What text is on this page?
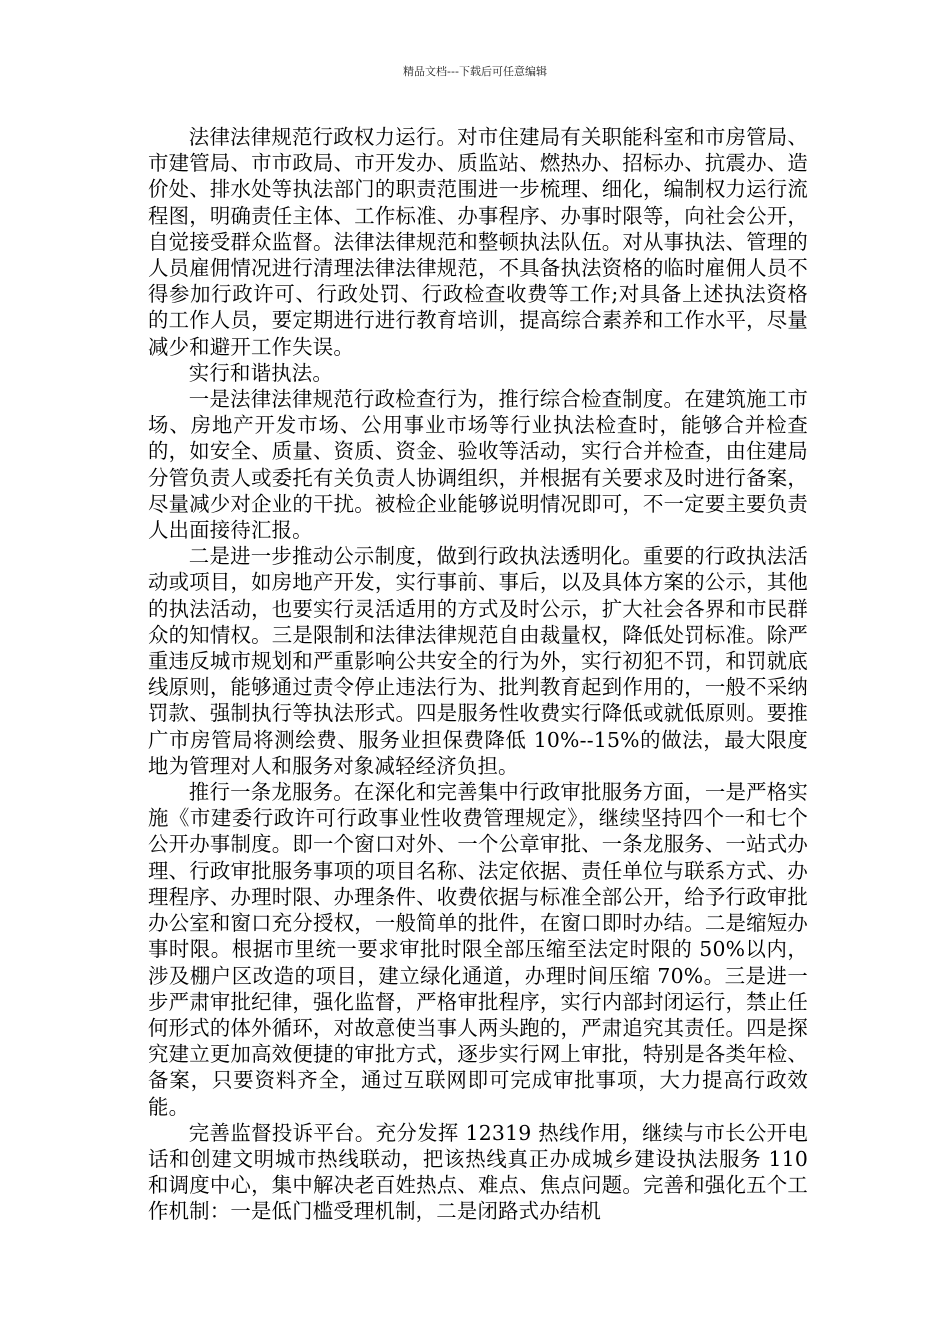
精品文档---下载后可任意编辑

法律法律规范行政权力运行。对市住建局有关职能科室和市房管局、市建管局、市市政局、市开发办、质监站、燃热办、招标办、抗震办、造价处、排水处等执法部门的职责范围进一步梳理、细化，编制权力运行流程图，明确责任主体、工作标准、办事程序、办事时限等，向社会公开，自觉接受群众监督。法律法律规范和整顿执法队伍。对从事执法、管理的人员雇佣情况进行清理法律法律规范，不具备执法资格的临时雇佣人员不得参加行政许可、行政处罚、行政检查收费等工作;对具备上述执法资格的工作人员，要定期进行进行教育培训，提高综合素养和工作水平，尽量减少和避开工作失误。

实行和谐执法。

一是法律法律规范行政检查行为，推行综合检查制度。在建筑施工市场、房地产开发市场、公用事业市场等行业执法检查时，能够合并检查的，如安全、质量、资质、资金、验收等活动，实行合并检查，由住建局分管负责人或委托有关负责人协调组织，并根据有关要求及时进行备案，尽量减少对企业的干扰。被检企业能够说明情况即可，不一定要主要负责人出面接待汇报。

二是进一步推动公示制度，做到行政执法透明化。重要的行政执法活动或项目，如房地产开发，实行事前、事后，以及具体方案的公示，其他的执法活动，也要实行灵活适用的方式及时公示，扩大社会各界和市民群众的知情权。三是限制和法律法律规范自由裁量权，降低处罚标准。除严重违反城市规划和严重影响公共安全的行为外，实行初犯不罚，和罚就底线原则，能够通过责令停止违法行为、批判教育起到作用的，一般不采纳罚款、强制执行等执法形式。四是服务性收费实行降低或就低原则。要推广市房管局将测绘费、服务业担保费降低 10%--15%的做法，最大限度地为管理对人和服务对象减轻经济负担。

推行一条龙服务。在深化和完善集中行政审批服务方面，一是严格实施《市建委行政许可行政事业性收费管理规定》，继续坚持四个一和七个公开办事制度。即一个窗口对外、一个公章审批、一条龙服务、一站式办理、行政审批服务事项的项目名称、法定依据、责任单位与联系方式、办理程序、办理时限、办理条件、收费依据与标准全部公开，给予行政审批办公室和窗口充分授权，一般简单的批件，在窗口即时办结。二是缩短办事时限。根据市里统一要求审批时限全部压缩至法定时限的 50%以内，涉及棚户区改造的项目，建立绿化通道，办理时间压缩 70%。三是进一步严肃审批纪律，强化监督，严格审批程序，实行内部封闭运行，禁止任何形式的体外循环，对故意使当事人两头跑的，严肃追究其责任。四是探究建立更加高效便捷的审批方式，逐步实行网上审批，特别是各类年检、备案，只要资料齐全，通过互联网即可完成审批事项，大力提高行政效能。

完善监督投诉平台。充分发挥 12319 热线作用，继续与市长公开电话和创建文明城市热线联动，把该热线真正办成城乡建设执法服务 110 和调度中心，集中解决老百姓热点、难点、焦点问题。完善和强化五个工作机制：一是低门槛受理机制，二是闭路式办结机
